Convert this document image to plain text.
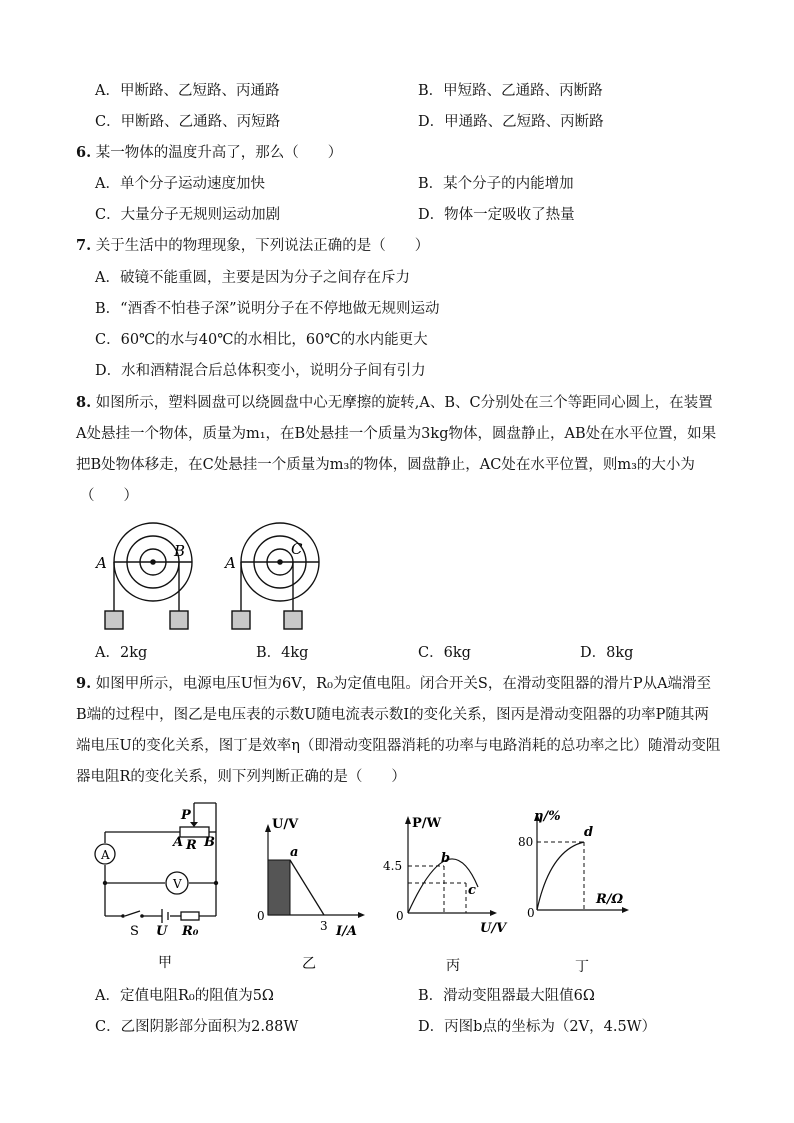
A．甲断路、乙短路、丙通路	B．甲短路、乙通路、丙断路
C．甲断路、乙通路、丙短路	D．甲通路、乙短路、丙断路
6. 某一物体的温度升高了，那么（　　）
A．单个分子运动速度加快	B．某个分子的内能增加
C．大量分子无规则运动加剧	D．物体一定吸收了热量
7. 关于生活中的物理现象，下列说法正确的是（　　）
A．破镜不能重圆，主要是因为分子之间存在斥力
B．“酒香不怕巷子深”说明分子在不停地做无规则运动
C．60℃的水与40℃的水相比，60℃的水内能更大
D．水和酒精混合后总体积变小，说明分子间有引力
8. 如图所示，塑料圆盘可以绕圆盘中心无摩擦的旋转,A、B、C分别处在三个等距同心圆上，在装置
A处悬挂一个物体，质量为m₁，在B处悬挂一个质量为3kg物体，圆盘静止，AB处在水平位置，如果
把B处物体移走，在C处悬挂一个质量为m₃的物体，圆盘静止，AC处在水平位置，则m₃的大小为
（　　）
A
B
A
C
A．2kg	B．4kg	C．6kg	D．8kg
9. 如图甲所示，电源电压U恒为6V，R₀为定值电阻。闭合开关S，在滑动变阻器的滑片P从A端滑至
B端的过程中，图乙是电压表的示数U随电流表示数I的变化关系，图丙是滑动变阻器的功率P随其两
端电压U的变化关系，图丁是效率η（即滑动变阻器消耗的功率与电路消耗的总功率之比）随滑动变阻
器电阻R的变化关系，则下列判断正确的是（　　）
A
V
P
A R B
S U R₀
甲
U/V
I/A
0
3
a
乙
P/W
U/V
0
4.5	b
c
丙
η/%
R/Ω
0
80
d
丁
A．定值电阻R₀的阻值为5Ω	B．滑动变阻器最大阻值6Ω
C．乙图阴影部分面积为2.88W	D．丙图b点的坐标为（2V，4.5W）
